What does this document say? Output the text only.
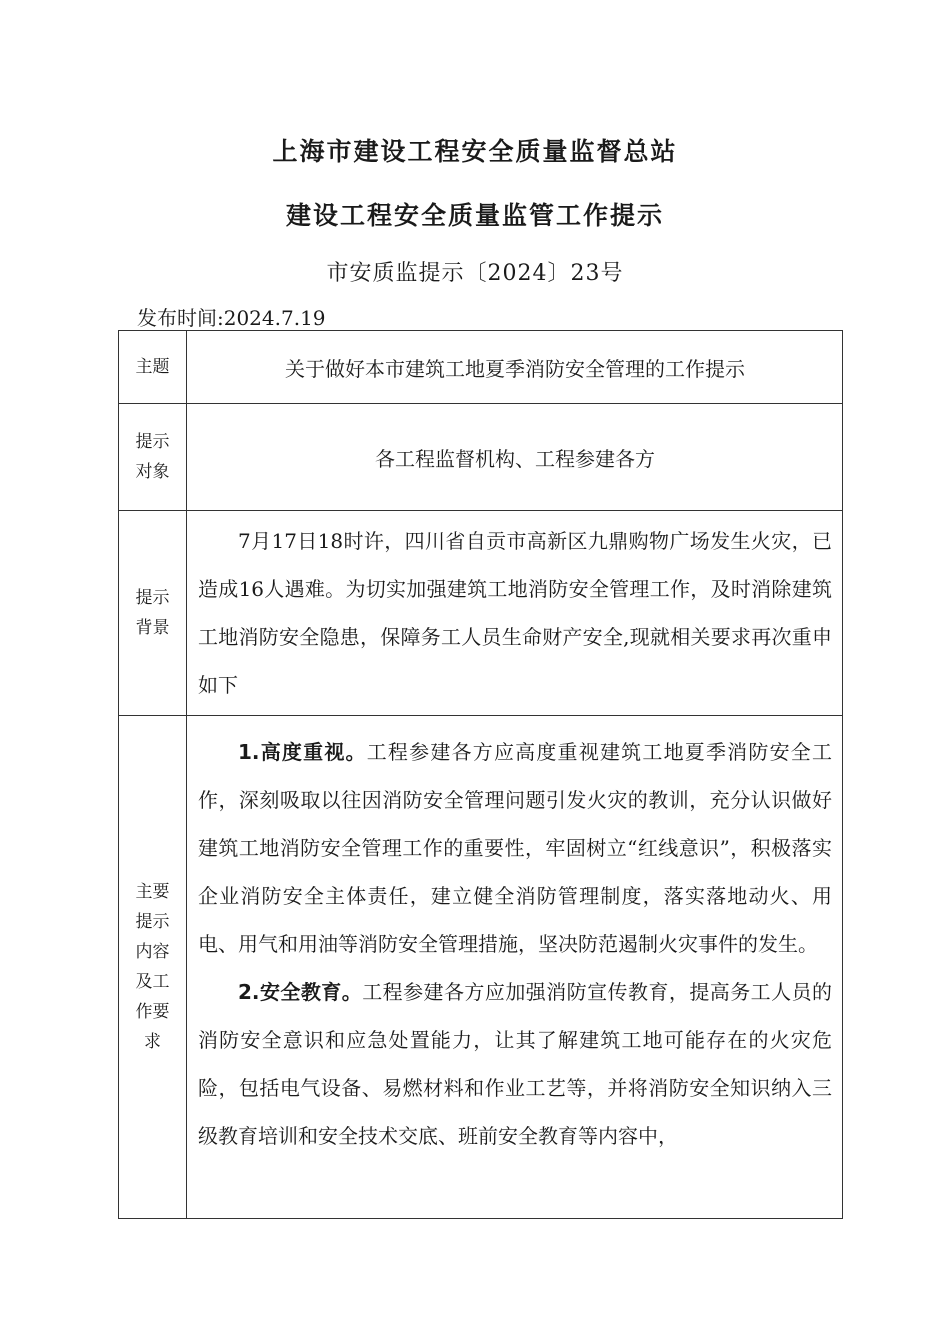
上海市建设工程安全质量监督总站
建设工程安全质量监管工作提示
市安质监提示〔2024〕23号
发布时间:2024.7.19
主题	关于做好本市建筑工地夏季消防安全管理的工作提示
提示对象	各工程监督机构、工程参建各方
提示背景	7月17日18时许，四川省自贡市高新区九鼎购物广场发生火灾，已造成16人遇难。为切实加强建筑工地消防安全管理工作，及时消除建筑工地消防安全隐患，保障务工人员生命财产安全,现就相关要求再次重申如下

主要提示内容及工作要求	1.高度重视。工程参建各方应高度重视建筑工地夏季消防安全工作，深刻吸取以往因消防安全管理问题引发火灾的教训，充分认识做好建筑工地消防安全管理工作的重要性，牢固树立“红线意识”，积极落实企业消防安全主体责任，建立健全消防管理制度，落实落地动火、用电、用气和用油等消防安全管理措施，坚决防范遏制火灾事件的发生。

2.安全教育。工程参建各方应加强消防宣传教育，提高务工人员的消防安全意识和应急处置能力，让其了解建筑工地可能存在的火灾危险，包括电气设备、易燃材料和作业工艺等，并将消防安全知识纳入三级教育培训和安全技术交底、班前安全教育等内容中，
